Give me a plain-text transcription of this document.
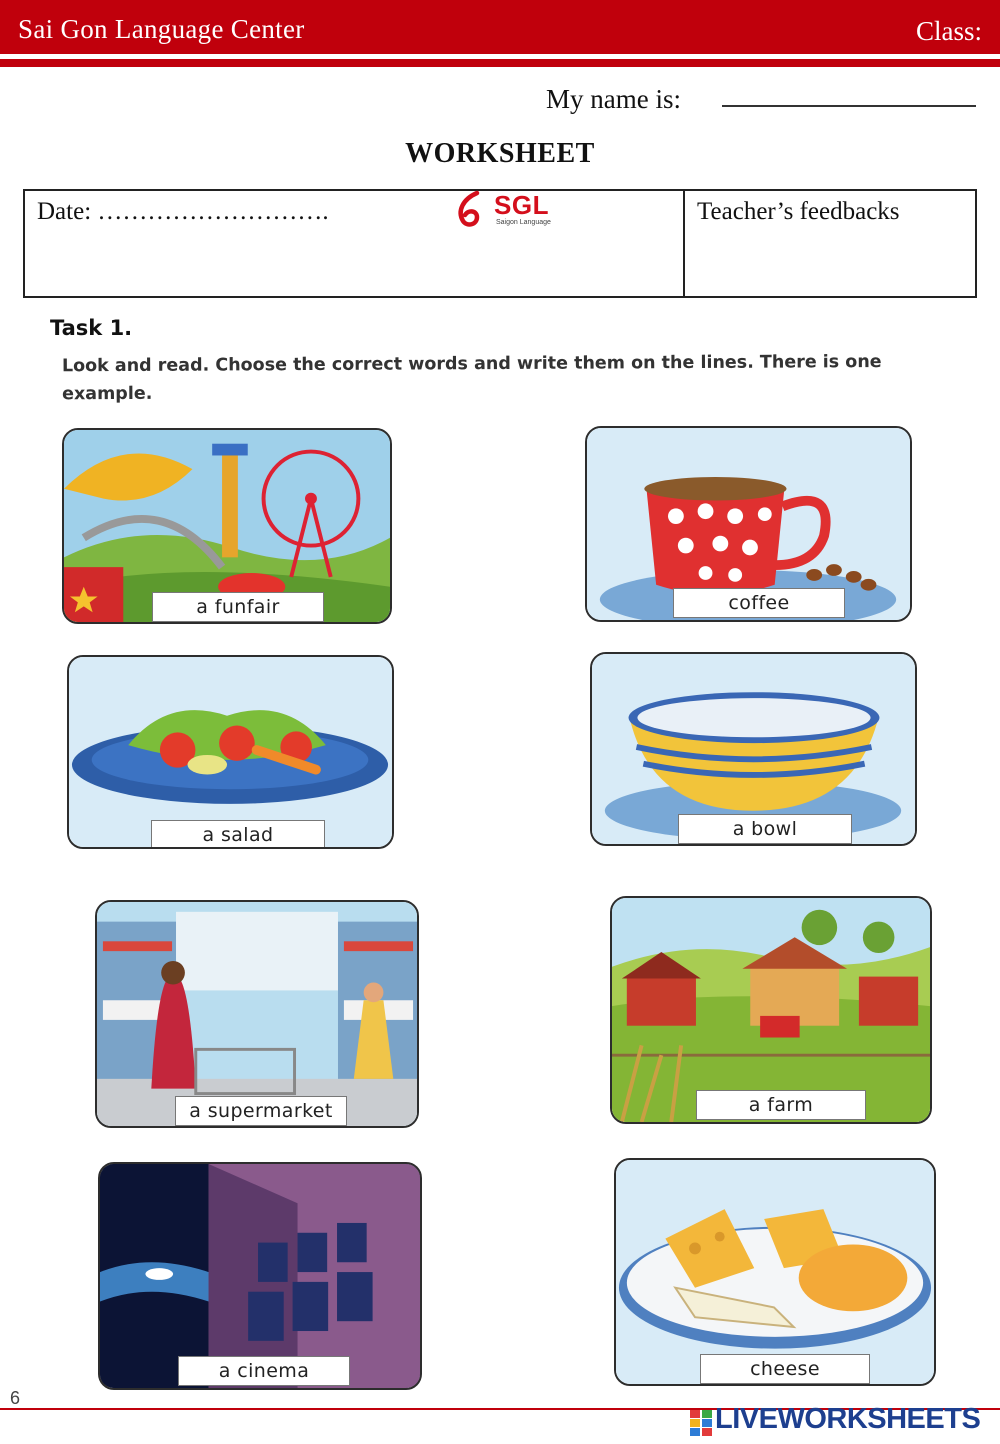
Sai Gon Language Center	Class:
My name is:
WORKSHEET
Date: ……………………….	SGL
Saigon Language	Teacher’s feedbacks
Task 1.
Look and read. Choose the correct words and write them on the lines. There is one example.
a funfair	coffee
a salad	a bowl
a supermarket	a farm
a cinema	cheese
6
LIVEWORKSHEETS
